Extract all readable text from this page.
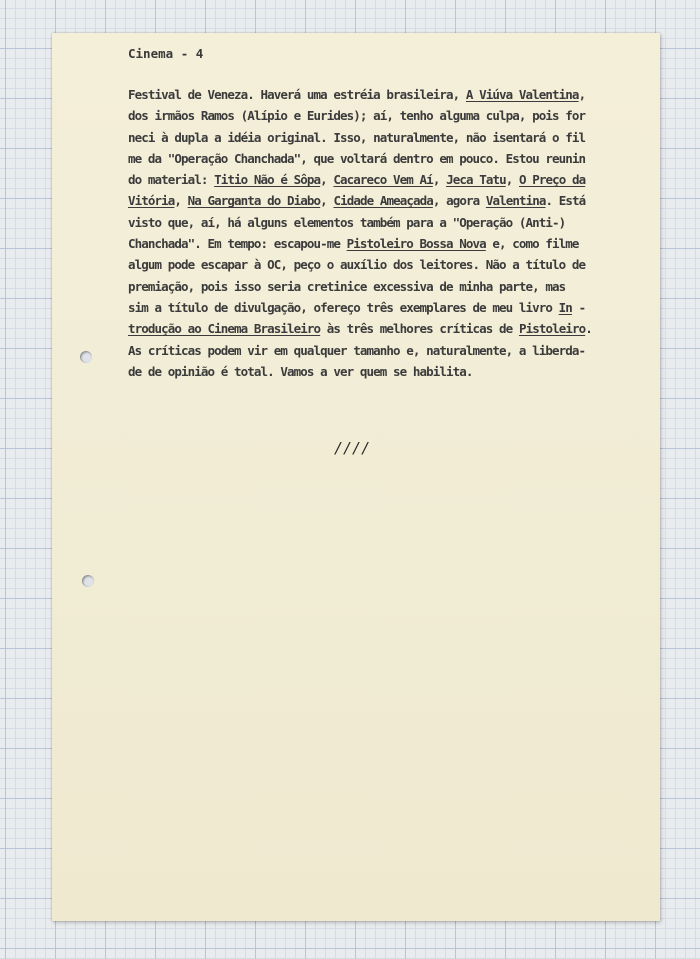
Cinema - 4
Festival de Veneza. Haverá uma estréia brasileira, A Viúva Valentina,
dos irmãos Ramos (Alípio e Eurides); aí, tenho alguma culpa, pois for
neci à dupla a idéia original. Isso, naturalmente, não isentará o fil
me da "Operação Chanchada", que voltará dentro em pouco. Estou reunin
do material: Titio Não é Sôpa, Cacareco Vem Aí, Jeca Tatu, O Preço da
Vitória, Na Garganta do Diabo, Cidade Ameaçada, agora Valentina. Está
visto que, aí, há alguns elementos também para a "Operação (Anti-)
Chanchada". Em tempo: escapou-me Pistoleiro Bossa Nova e, como filme
algum pode escapar à OC, peço o auxílio dos leitores. Não a título de
premiação, pois isso seria cretinice excessiva de minha parte, mas
sim a título de divulgação, ofereço três exemplares de meu livro In -
trodução ao Cinema Brasileiro às três melhores críticas de Pistoleiro.
As críticas podem vir em qualquer tamanho e, naturalmente, a liberda-
de de opinião é total. Vamos a ver quem se habilita.
////
